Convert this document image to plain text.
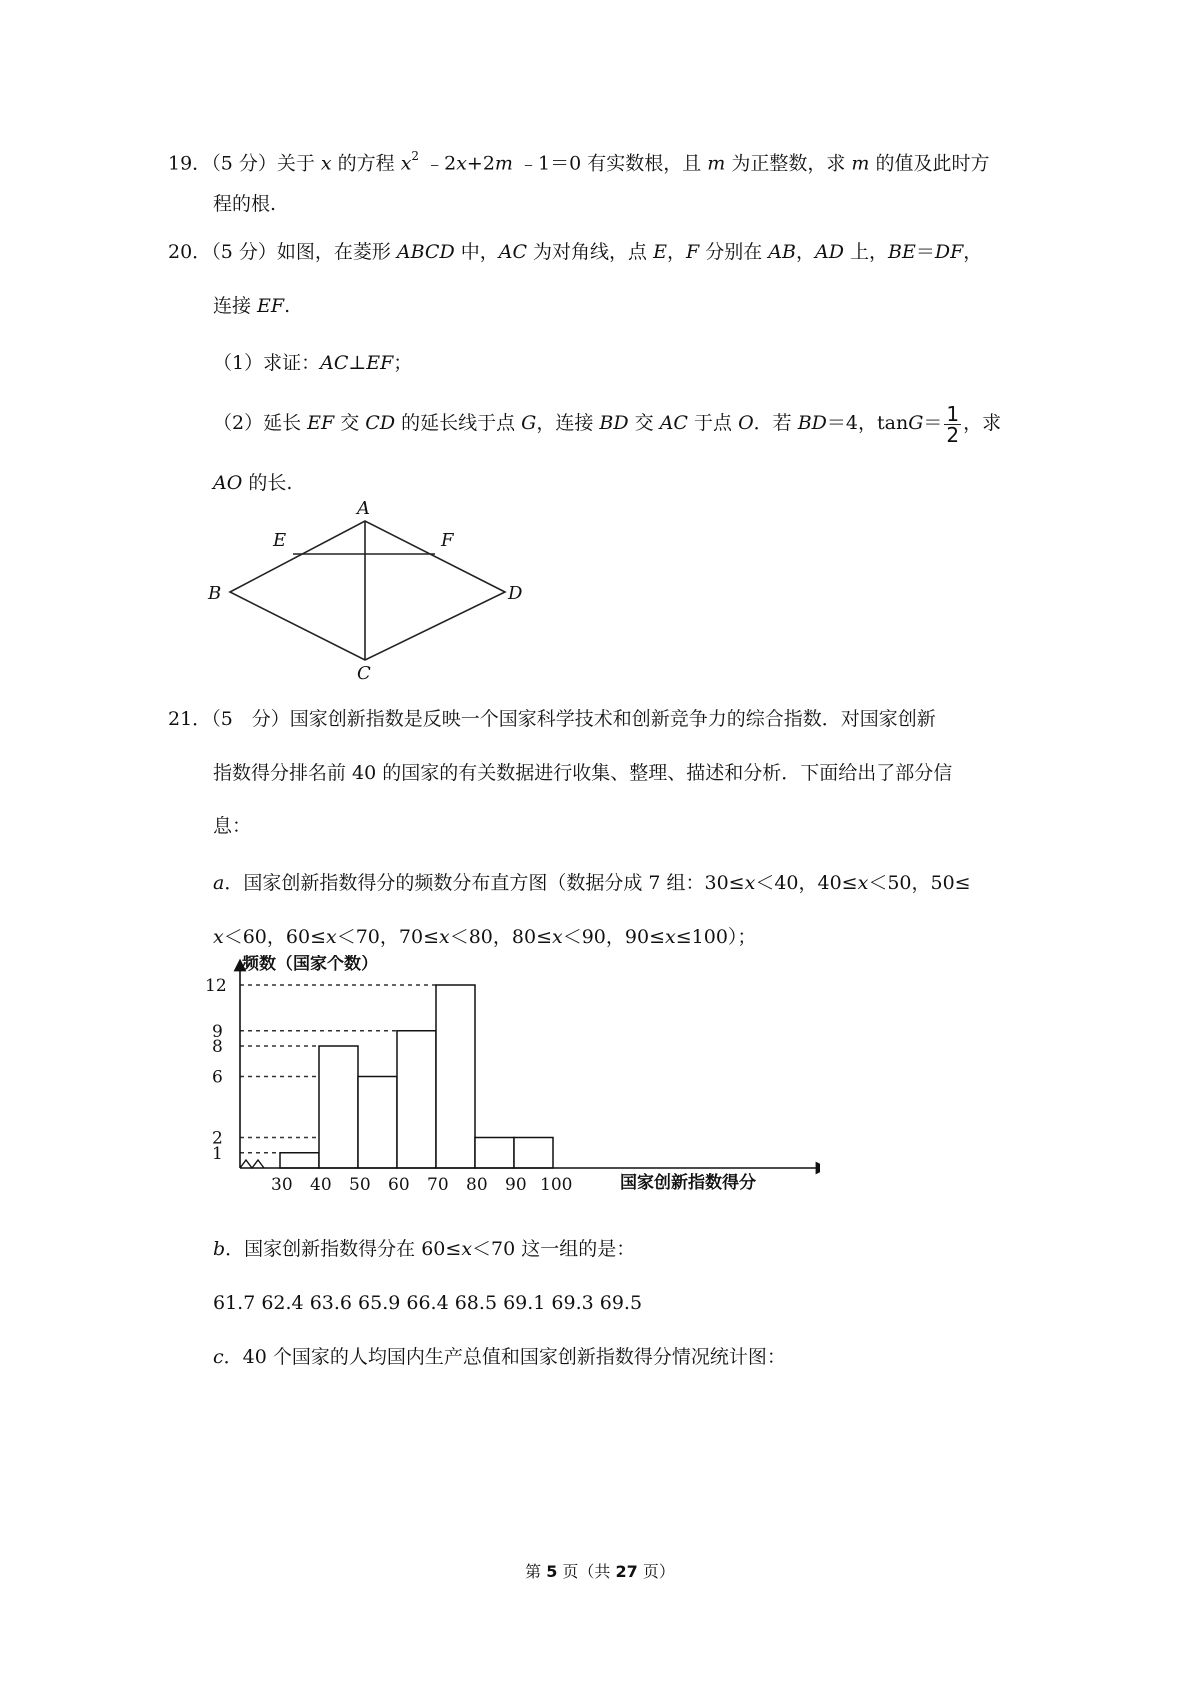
19．（5 分）关于 x 的方程 $x^2$ ﹣2x+2m ﹣1＝0 有实数根，且 m 为正整数，求 m 的值及此时方
程的根.
20．（5 分）如图，在菱形 ABCD 中，AC 为对角线，点 E，F 分别在 AB，AD 上，BE＝DF，
连接 EF.
（1）求证：AC⊥EF；
（2）延长 EF 交 CD 的延长线于点 G，连接 BD 交 AC 于点 O．若 BD＝4，$\tan G= \frac{1}{2}$ ，求
AO 的长.
A
B
C
D
E	F
21．（5　分）国家创新指数是反映一个国家科学技术和创新竞争力的综合指数．对国家创新
指数得分排名前 40 的国家的有关数据进行收集、整理、描述和分析．下面给出了部分信
息：
a．国家创新指数得分的频数分布直方图（数据分成 7 组：30≤x＜40，40≤x＜50，50≤
x＜60，60≤x＜70，70≤x＜80，80≤x＜90，90≤x≤100）；
1
2
6
8
9
12
30 40 50 60 70 80 90 100
频数（国家个数）
国家创新指数得分
b．国家创新指数得分在 60≤x＜70 这一组的是：
61.7 62.4 63.6 65.9 66.4 68.5 69.1 69.3 69.5
c．40 个国家的人均国内生产总值和国家创新指数得分情况统计图：
第 5 页（共 27 页）
